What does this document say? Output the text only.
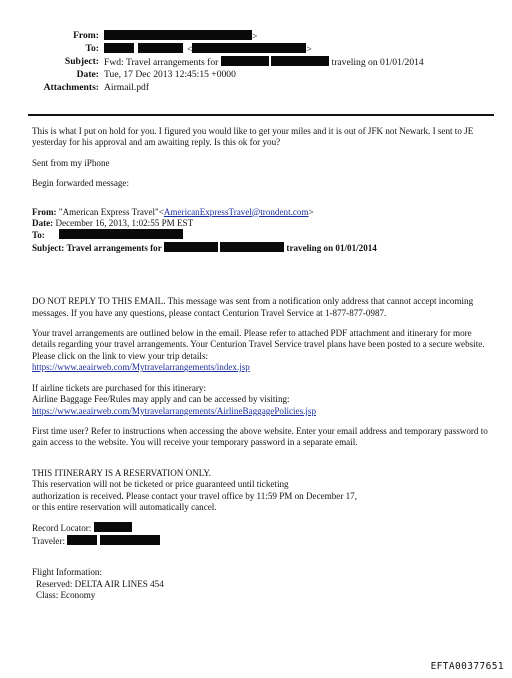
From:	>
To:	<	>
Subject: Fwd: Travel arrangements for	traveling on 01/01/2014
Date: Tue, 17 Dec 2013 12:45:15 +0000
Attachments: Airmail.pdf

This is what I put on hold for you. I figured you would like to get your miles and it is out of JFK not Newark. I sent to JE yesterday for his approval and am awaiting reply. Is this ok for you?

Sent from my iPhone

Begin forwarded message:

From: "American Express Travel"<AmericanExpressTravel@trondent.com>
Date: December 16, 2013, 1:02:55 PM EST
To:
Subject: Travel arrangements for	traveling on 01/01/2014

DO NOT REPLY TO THIS EMAIL. This message was sent from a notification only address that cannot accept incoming messages. If you have any questions, please contact Centurion Travel Service at 1-877-877-0987.

Your travel arrangements are outlined below in the email. Please refer to attached PDF attachment and itinerary for more details regarding your travel arrangements. Your Centurion Travel Service travel plans have been posted to a secure website. Please click on the link to view your trip details:
https://www.aeairweb.com/Mytravelarrangements/index.jsp
If airline tickets are purchased for this itinerary:
Airline Baggage Fee/Rules may apply and can be accessed by visiting:
https://www.aeairweb.com/Mytravelarrangements/AirlineBaggagePolicies.jsp

First time user? Refer to instructions when accessing the above website. Enter your email address and temporary password to gain access to the website. You will receive your temporary password in a separate email.

THIS ITINERARY IS A RESERVATION ONLY.
This reservation will not be ticketed or price guaranteed until ticketing
authorization is received. Please contact your travel office by 11:59 PM on December 17,
or this entire reservation will automatically cancel.
Record Locator:
Traveler:
Flight Information:
Reserved: DELTA AIR LINES 454
Class: Economy
EFTA00377651
